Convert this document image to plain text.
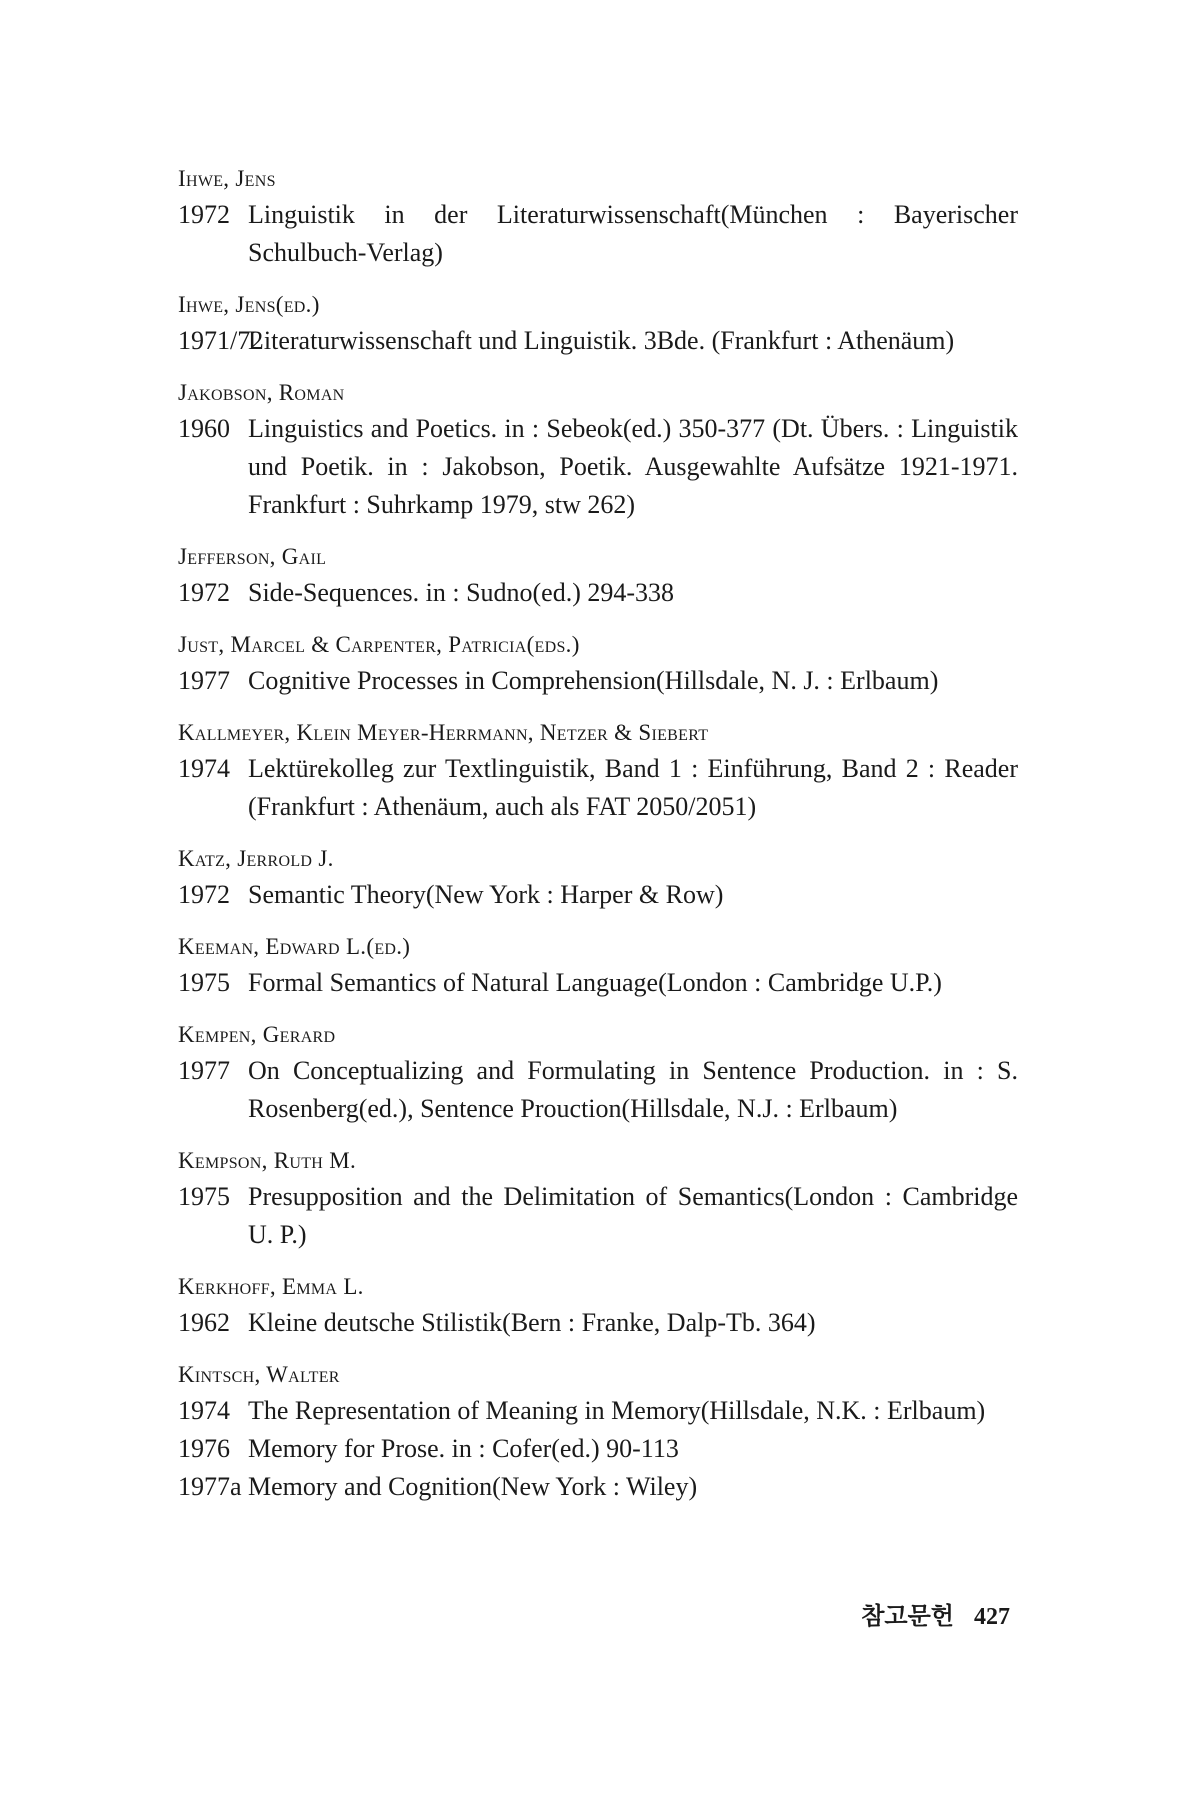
Ihwe, Jens
1972 Linguistik in der Literaturwissenschaft(München : Bayerischer Schulbuch-Verlag)
Ihwe, Jens(ed.)
1971/72
Literaturwissenschaft und Linguistik. 3Bde. (Frankfurt : Athenäum)
Jakobson, Roman
1960 Linguistics and Poetics. in : Sebeok(ed.) 350-377 (Dt. Übers. : Linguistik und Poetik. in : Jakobson, Poetik. Ausgewahlte Aufsätze 1921-1971. Frankfurt : Suhrkamp 1979, stw 262)
Jefferson, Gail
1972 Side-Sequences. in : Sudno(ed.) 294-338
Just, Marcel & Carpenter, Patricia(eds.)
1977 Cognitive Processes in Comprehension(Hillsdale, N. J. : Erlbaum)
Kallmeyer, Klein Meyer-Herrmann, Netzer & Siebert
1974 Lektürekolleg zur Textlinguistik, Band 1 : Einführung, Band 2 : Reader (Frankfurt : Athenäum, auch als FAT 2050/2051)
Katz, Jerrold J.
1972 Semantic Theory(New York : Harper & Row)
Keeman, Edward L.(ed.)
1975 Formal Semantics of Natural Language(London : Cambridge U.P.)
Kempen, Gerard
1977 On Conceptualizing and Formulating in Sentence Production. in : S. Rosenberg(ed.), Sentence Prouction(Hillsdale, N.J. : Erlbaum)
Kempson, Ruth M.
1975 Presupposition and the Delimitation of Semantics(London : Cambridge U. P.)
Kerkhoff, Emma L.
1962 Kleine deutsche Stilistik(Bern : Franke, Dalp-Tb. 364)
Kintsch, Walter
1974 The Representation of Meaning in Memory(Hillsdale, N.K. : Erlbaum)
1976 Memory for Prose. in : Cofer(ed.) 90-113
1977a Memory and Cognition(New York : Wiley)
참고문헌 427
